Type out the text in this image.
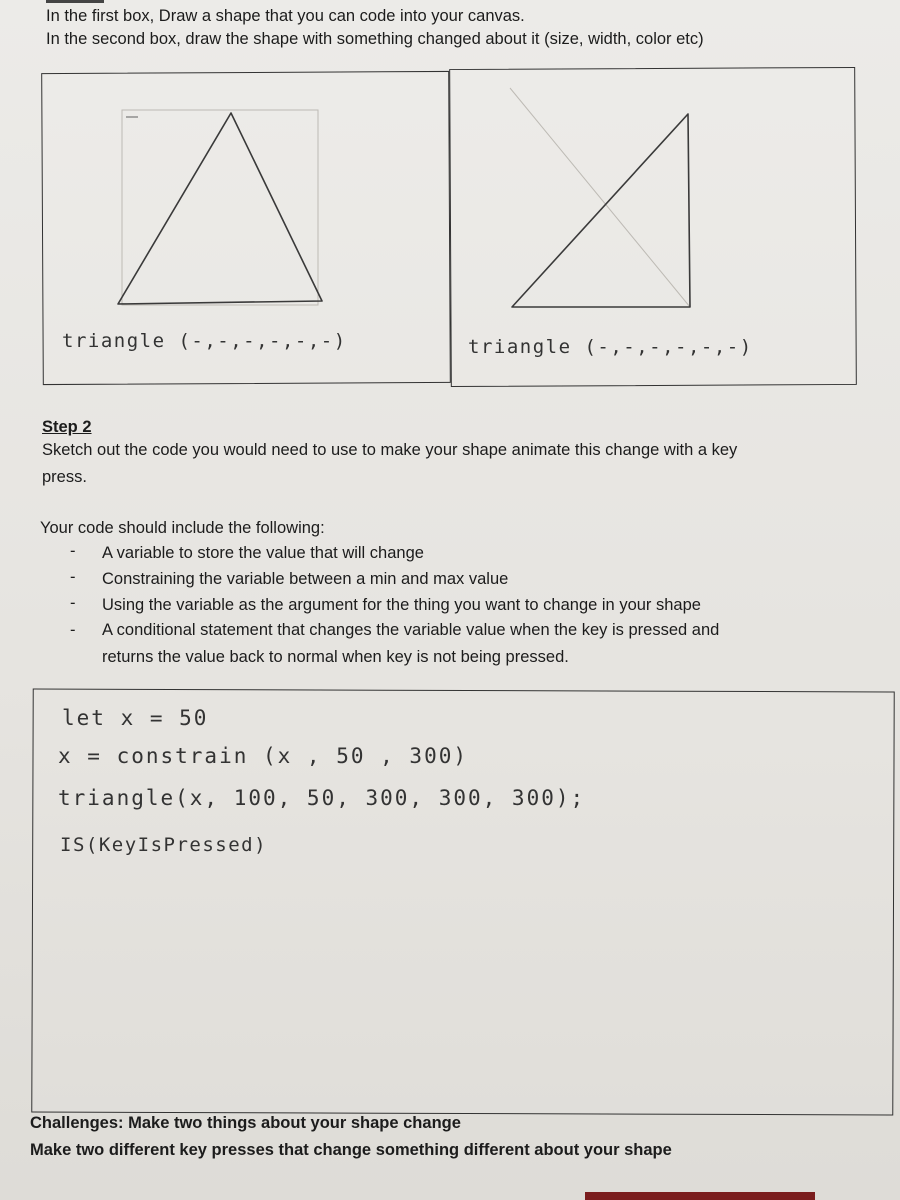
In the first box, Draw a shape that you can code into your canvas.
In the second box, draw the shape with something changed about it (size, width, color etc)
triangle (-,-,-,-,-,-)	triangle (-,-,-,-,-,-)
Step 2
Sketch out the code you would need to use to make your shape animate this change with a key
press.
Your code should include the following:
- A variable to store the value that will change
- Constraining the variable between a min and max value
- Using the variable as the argument for the thing you want to change in your shape
- A conditional statement that changes the variable value when the key is pressed and
returns the value back to normal when key is not being pressed.
let x = 50
x = constrain (x , 50 , 300)
triangle(x, 100, 50, 300, 300, 300);
IS(KeyIsPressed)
Challenges: Make two things about your shape change
Make two different key presses that change something different about your shape
